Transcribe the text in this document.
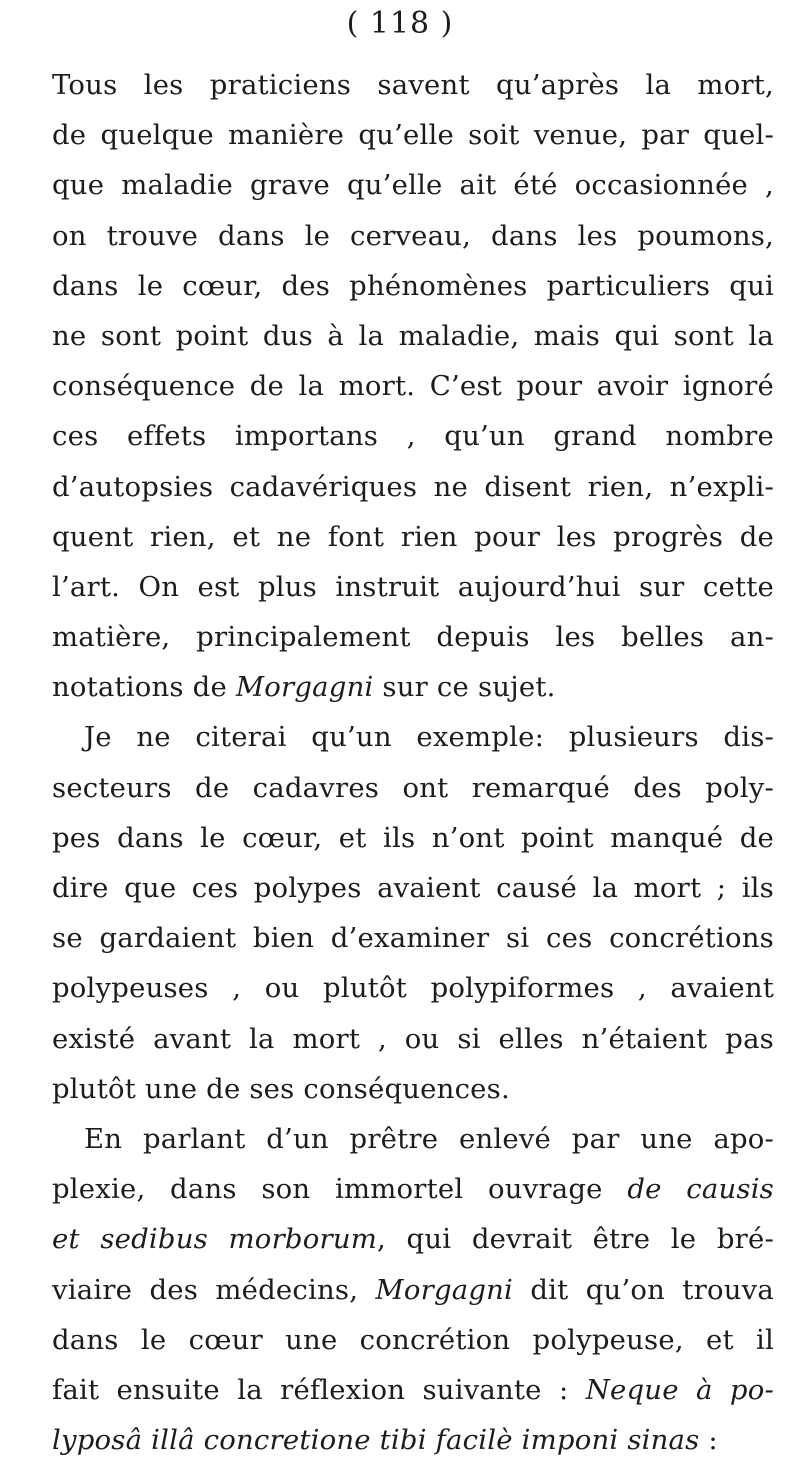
( 118 )
Tous les praticiens savent qu’après la mort,
de quelque manière qu’elle soit venue, par quel-
que maladie grave qu’elle ait été occasionnée ,
on trouve dans le cerveau, dans les poumons,
dans le cœur, des phénomènes particuliers qui
ne sont point dus à la maladie, mais qui sont la
conséquence de la mort. C’est pour avoir ignoré
ces effets importans , qu’un grand nombre
d’autopsies cadavériques ne disent rien, n’expli-
quent rien, et ne font rien pour les progrès de
l’art. On est plus instruit aujourd’hui sur cette
matière, principalement depuis les belles an-
notations de Morgagni sur ce sujet.
Je ne citerai qu’un exemple: plusieurs dis-
secteurs de cadavres ont remarqué des poly-
pes dans le cœur, et ils n’ont point manqué de
dire que ces polypes avaient causé la mort ; ils
se gardaient bien d’examiner si ces concrétions
polypeuses , ou plutôt polypiformes , avaient
existé avant la mort , ou si elles n’étaient pas
plutôt une de ses conséquences.
En parlant d’un prêtre enlevé par une apo-
plexie, dans son immortel ouvrage de causis
et sedibus morborum, qui devrait être le bré-
viaire des médecins, Morgagni dit qu’on trouva
dans le cœur une concrétion polypeuse, et il
fait ensuite la réflexion suivante : Neque à po-
lyposâ illâ concretione tibi facilè imponi sinas :
